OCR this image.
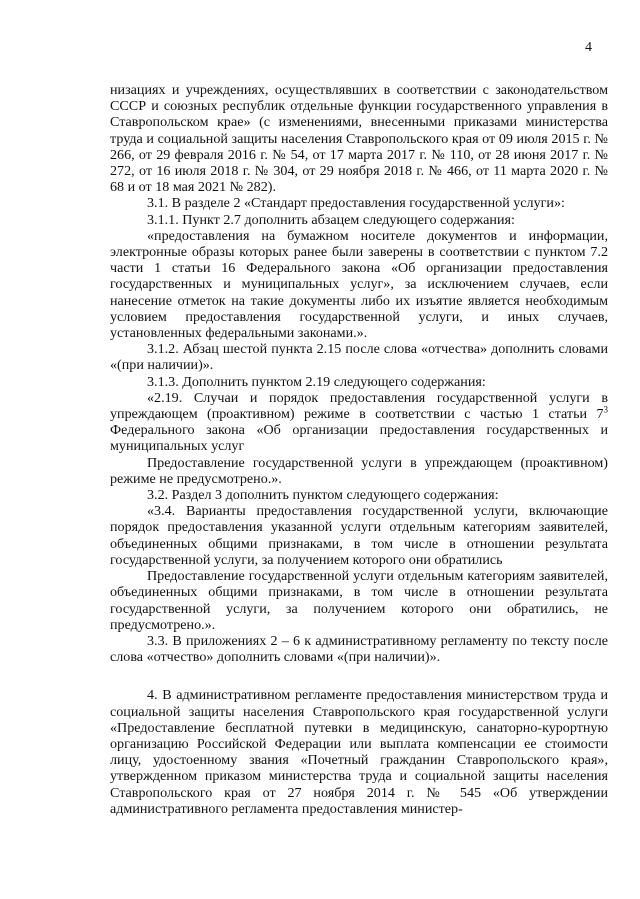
4

низациях и учреждениях, осуществлявших в соответствии с законодательством СССР и союзных республик отдельные функции государственного управления в Ставропольском крае» (с изменениями, внесенными приказами министерства труда и социальной защиты населения Ставропольского края от 09 июля 2015 г. № 266, от 29 февраля 2016 г. № 54, от 17 марта 2017 г. № 110, от 28 июня 2017 г. № 272, от 16 июля 2018 г. № 304, от 29 ноября 2018 г. № 466, от 11 марта 2020 г. № 68 и от 18 мая 2021 № 282).

3.1. В разделе 2 «Стандарт предоставления государственной услуги»:

3.1.1. Пункт 2.7 дополнить абзацем следующего содержания:

«предоставления на бумажном носителе документов и информации, электронные образы которых ранее были заверены в соответствии с пунктом 7.2 части 1 статьи 16 Федерального закона «Об организации предоставления государственных и муниципальных услуг», за исключением случаев, если нанесение отметок на такие документы либо их изъятие является необходимым условием предоставления государственной услуги, и иных случаев, установленных федеральными законами.».

3.1.2. Абзац шестой пункта 2.15 после слова «отчества» дополнить словами «(при наличии)».

3.1.3. Дополнить пунктом 2.19 следующего содержания:

«2.19. Случаи и порядок предоставления государственной услуги в упреждающем (проактивном) режиме в соответствии с частью 1 статьи $7^3$ Федерального закона «Об организации предоставления государственных и муниципальных услуг

Предоставление государственной услуги в упреждающем (проактивном) режиме не предусмотрено.».

3.2. Раздел 3 дополнить пунктом следующего содержания:

«3.4. Варианты предоставления государственной услуги, включающие порядок предоставления указанной услуги отдельным категориям заявителей, объединенных общими признаками, в том числе в отношении результата государственной услуги, за получением которого они обратились

Предоставление государственной услуги отдельным категориям заявителей, объединенных общими признаками, в том числе в отношении результата государственной услуги, за получением которого они обратились, не предусмотрено.».

3.3. В приложениях 2 – 6 к административному регламенту по тексту после слова «отчество» дополнить словами «(при наличии)».

4. В административном регламенте предоставления министерством труда и социальной защиты населения Ставропольского края государственной услуги «Предоставление бесплатной путевки в медицинскую, санаторно-курортную организацию Российской Федерации или выплата компенсации ее стоимости лицу, удостоенному звания «Почетный гражданин Ставропольского края», утвержденном приказом министерства труда и социальной защиты населения Ставропольского края от 27 ноября 2014 г. № 545 «Об утверждении административного регламента предоставления министер-
